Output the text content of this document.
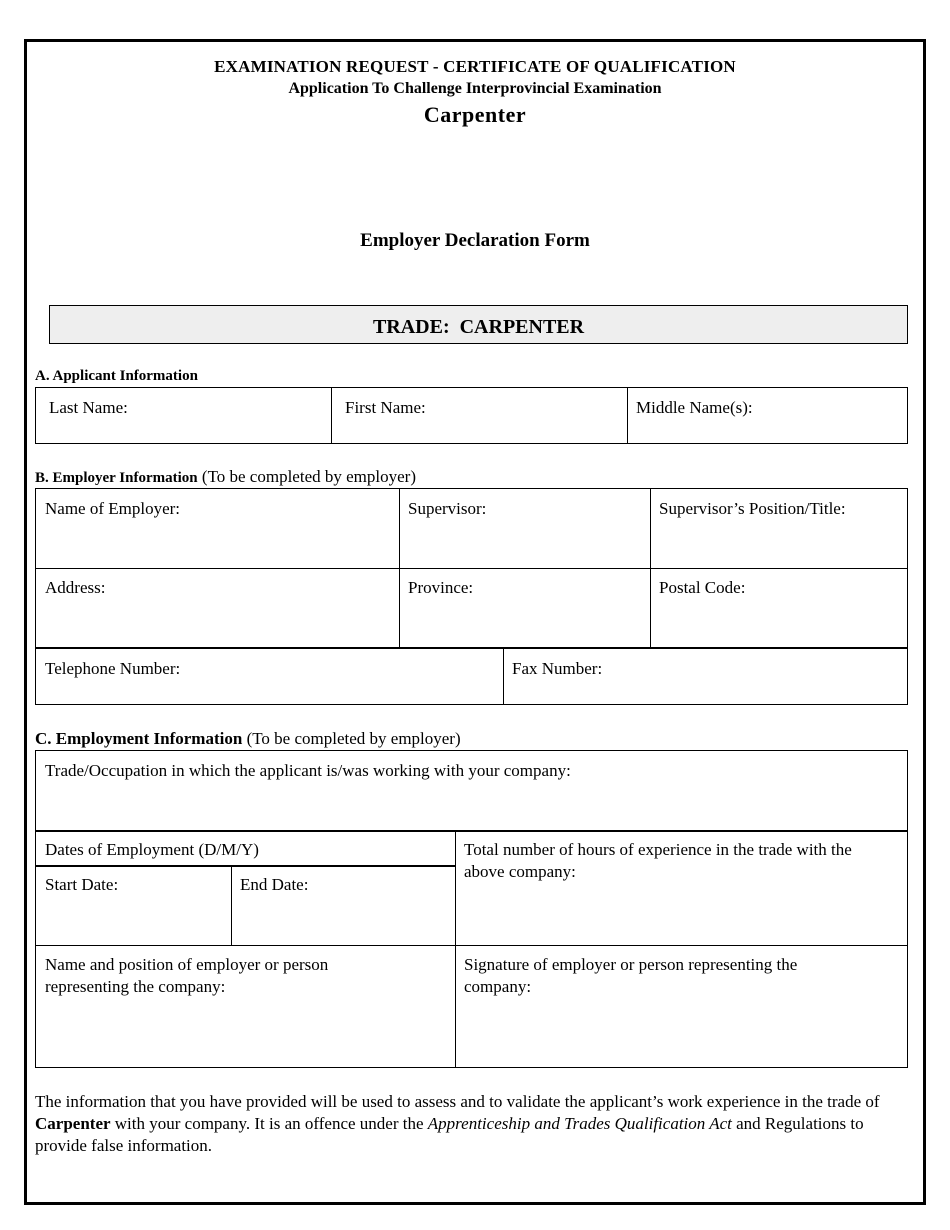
EXAMINATION REQUEST - CERTIFICATE OF QUALIFICATION
Application To Challenge Interprovincial Examination
Carpenter
Employer Declaration Form
TRADE:  CARPENTER
A. Applicant Information
Last Name:	First Name:	Middle Name(s):
B. Employer Information (To be completed by employer)
Name of Employer:	Supervisor:	Supervisor’s Position/Title:
Address:	Province:	Postal Code:
Telephone Number:	Fax Number:
C. Employment Information (To be completed by employer)
Trade/Occupation in which the applicant is/was working with your company:
Dates of Employment (D/M/Y)
Start Date:	End Date:
Total number of hours of experience in the trade with the above company:
Name and position of employer or person representing the company:
Signature of employer or person representing the company:
The information that you have provided will be used to assess and to validate the applicant’s work experience in the trade of Carpenter with your company. It is an offence under the Apprenticeship and Trades Qualification Act and Regulations to provide false information.
